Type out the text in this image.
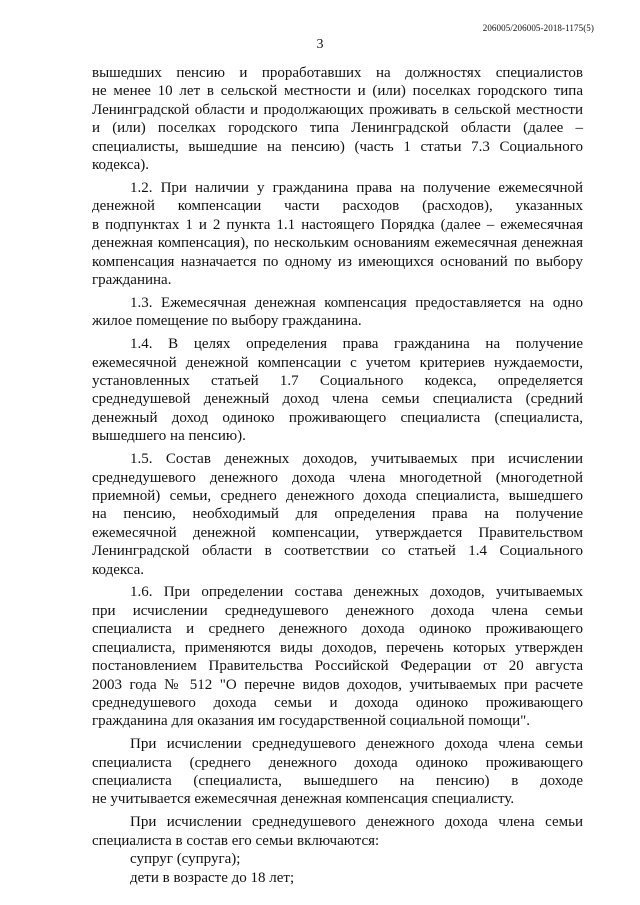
206005/206005-2018-1175(5)
3

вышедших пенсию и проработавших на должностях специалистов
не менее 10 лет в сельской местности и (или) поселках городского типа
Ленинградской области и продолжающих проживать в сельской местности
и (или) поселках городского типа Ленинградской области (далее –
специалисты, вышедшие на пенсию) (часть 1 статьи 7.3 Социального
кодекса).

1.2. При наличии у гражданина права на получение ежемесячной
денежной компенсации части расходов (расходов), указанных
в подпунктах 1 и 2 пункта 1.1 настоящего Порядка (далее – ежемесячная
денежная компенсация), по нескольким основаниям ежемесячная денежная
компенсация назначается по одному из имеющихся оснований по выбору
гражданина.

1.3. Ежемесячная денежная компенсация предоставляется на одно
жилое помещение по выбору гражданина.

1.4. В целях определения права гражданина на получение
ежемесячной денежной компенсации с учетом критериев нуждаемости,
установленных статьей 1.7 Социального кодекса, определяется
среднедушевой денежный доход члена семьи специалиста (средний
денежный доход одиноко проживающего специалиста (специалиста,
вышедшего на пенсию).

1.5. Состав денежных доходов, учитываемых при исчислении
среднедушевого денежного дохода члена многодетной (многодетной
приемной) семьи, среднего денежного дохода специалиста, вышедшего
на пенсию, необходимый для определения права на получение
ежемесячной денежной компенсации, утверждается Правительством
Ленинградской области в соответствии со статьей 1.4 Социального
кодекса.

1.6. При определении состава денежных доходов, учитываемых
при исчислении среднедушевого денежного дохода члена семьи
специалиста и среднего денежного дохода одиноко проживающего
специалиста, применяются виды доходов, перечень которых утвержден
постановлением Правительства Российской Федерации от 20 августа
2003 года № 512 "О перечне видов доходов, учитываемых при расчете
среднедушевого дохода семьи и дохода одиноко проживающего
гражданина для оказания им государственной социальной помощи".

При исчислении среднедушевого денежного дохода члена семьи
специалиста (среднего денежного дохода одиноко проживающего
специалиста (специалиста, вышедшего на пенсию) в доходе
не учитывается ежемесячная денежная компенсация специалисту.

При исчислении среднедушевого денежного дохода члена семьи
специалиста в состав его семьи включаются:

супруг (супруга);

дети в возрасте до 18 лет;
